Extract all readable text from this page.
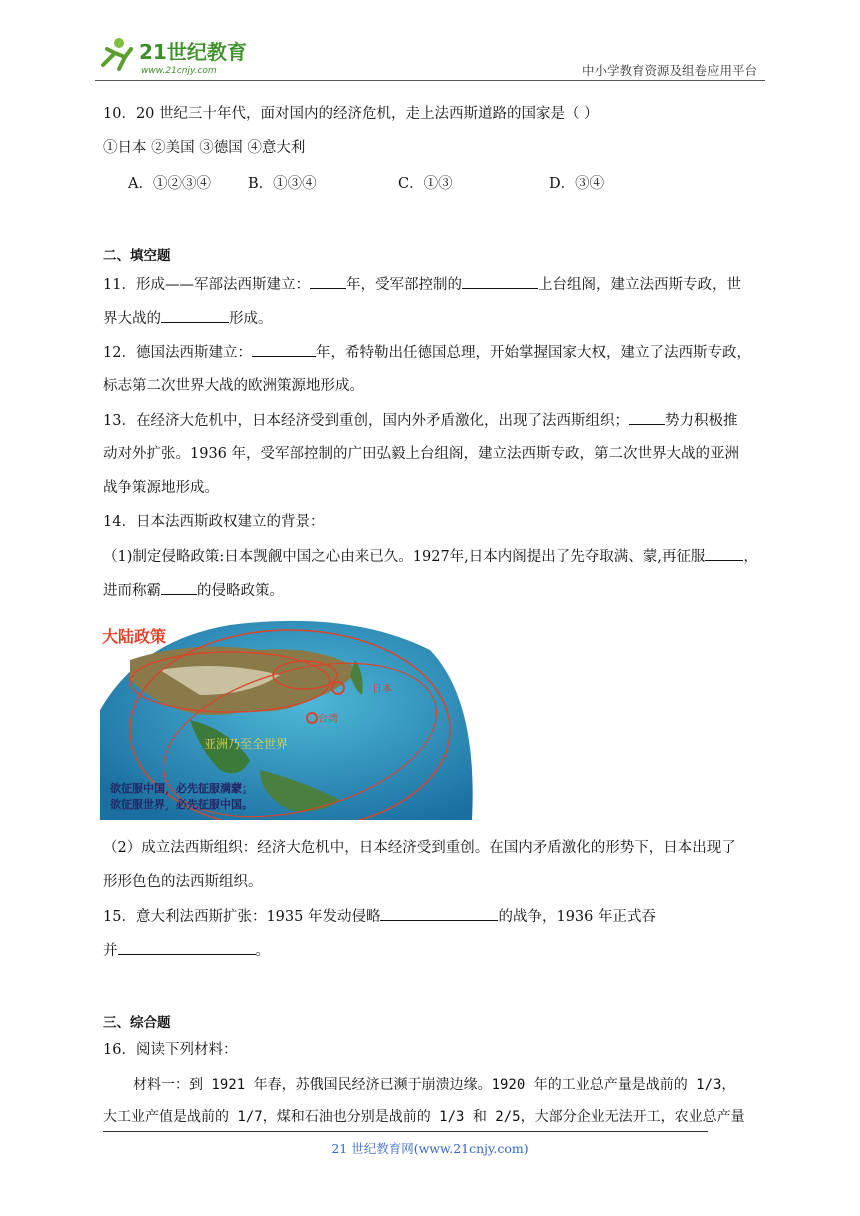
21世纪教育
www.21cnjy.com	中小学教育资源及组卷应用平台
10．20 世纪三十年代，面对国内的经济危机，走上法西斯道路的国家是（ ）
①日本 ②美国 ③德国 ④意大利
A．①②③④	B．①③④	C．①③	D．③④
二、填空题
11．形成——军部法西斯建立： 年，受军部控制的	上台组阁，建立法西斯专政，世
界大战的	形成。
12．德国法西斯建立：	年，希特勒出任德国总理，开始掌握国家大权，建立了法西斯专政，
标志第二次世界大战的欧洲策源地形成。
13．在经济大危机中，日本经济受到重创，国内外矛盾激化，出现了法西斯组织； 势力积极推
动对外扩张。1936 年，受军部控制的广田弘毅上台组阁，建立法西斯专政，第二次世界大战的亚洲
战争策源地形成。
14．日本法西斯政权建立的背景：
（1)制定侵略政策:日本觊觎中国之心由来已久。1927年,日本内阁提出了先夺取满、蒙,再征服	，
进而称霸 的侵略政策。
大陆政策
日本
台湾
亚洲乃至全世界
欲征服中国，必先征服满蒙；
欲征服世界，必先征服中国。
（2）成立法西斯组织：经济大危机中，日本经济受到重创。在国内矛盾激化的形势下，日本出现了
形形色色的法西斯组织。
15．意大利法西斯扩张：1935 年发动侵略	的战争，1936 年正式吞
并	。
三、综合题
16．阅读下列材料：
材料一：到 1921 年春，苏俄国民经济已濒于崩溃边缘。1920 年的工业总产量是战前的 1/3，
大工业产值是战前的 1/7，煤和石油也分别是战前的 1/3 和 2/5，大部分企业无法开工，农业总产量
21 世纪教育网(www.21cnjy.com)
